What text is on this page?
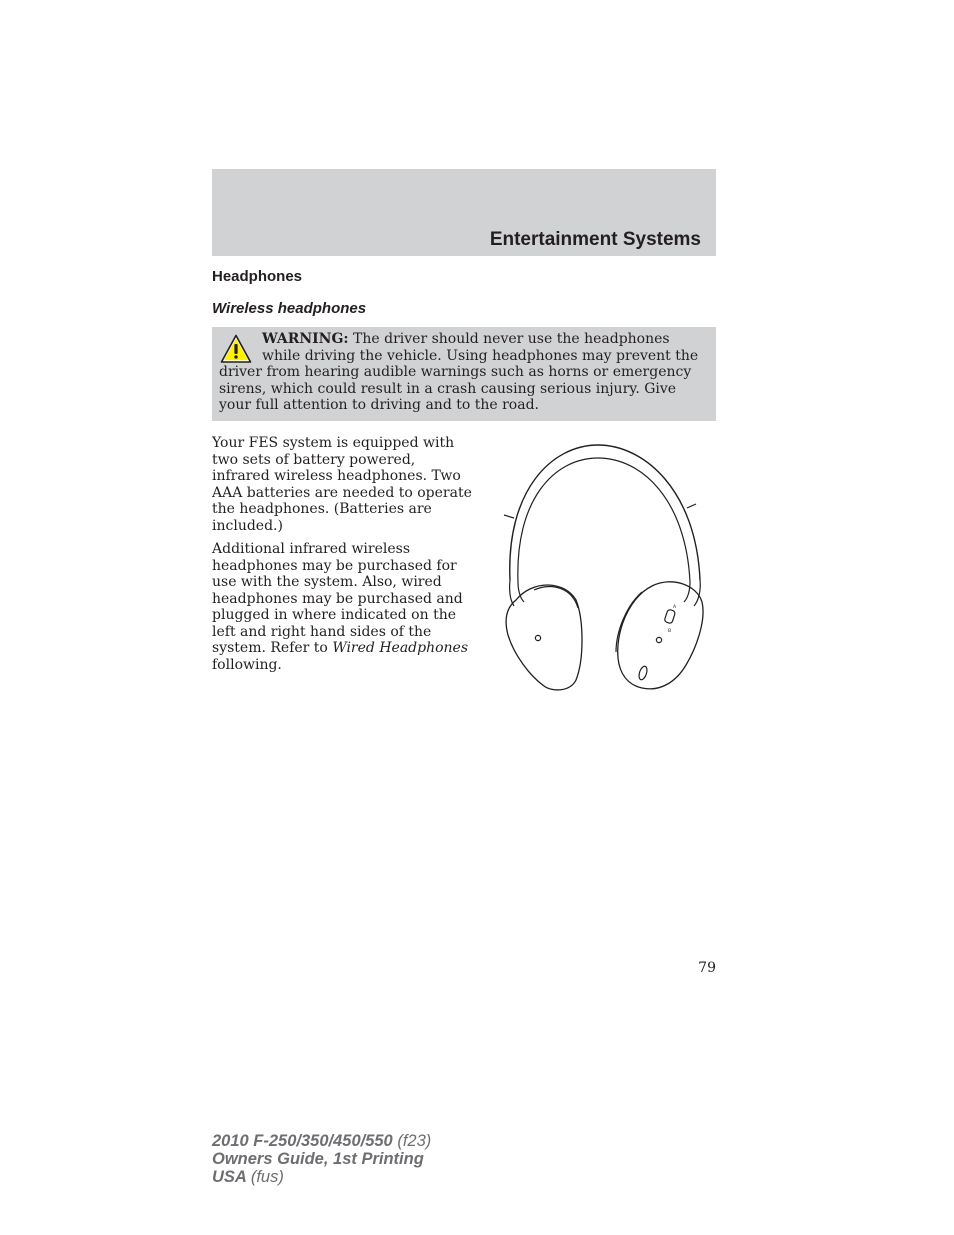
Entertainment Systems
Headphones
Wireless headphones
WARNING: The driver should never use the headphones while driving the vehicle. Using headphones may prevent the driver from hearing audible warnings such as horns or emergency sirens, which could result in a crash causing serious injury. Give your full attention to driving and to the road.

Your FES system is equipped with two sets of battery powered, infrared wireless headphones. Two AAA batteries are needed to operate the headphones. (Batteries are included.)

Additional infrared wireless headphones may be purchased for use with the system. Also, wired headphones may be purchased and plugged in where indicated on the left and right hand sides of the system. Refer to Wired Headphones following.

A
B
79
2010 F-250/350/450/550 (f23)
Owners Guide, 1st Printing
USA (fus)
